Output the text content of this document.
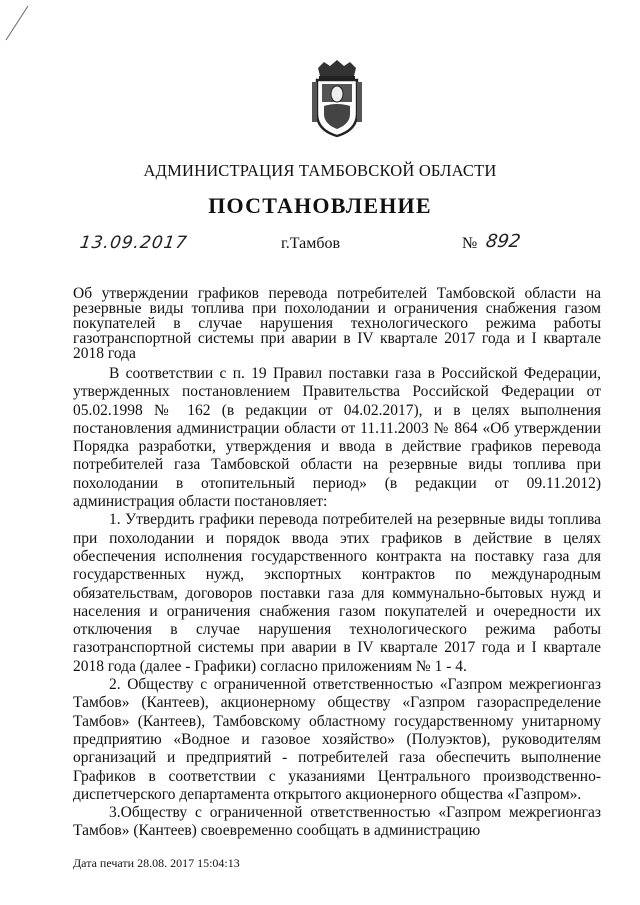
АДМИНИСТРАЦИЯ ТАМБОВСКОЙ ОБЛАСТИ
ПОСТАНОВЛЕНИЕ
13.09.2017	г.Тамбов	№ 892
Об утверждении графиков перевода потребителей Тамбовской области на резервные виды топлива при похолодании и ограничения снабжения газом покупателей в случае нарушения технологического режима работы газотранспортной системы при аварии в IV квартале 2017 года и I квартале 2018 года

В соответствии с п. 19 Правил поставки газа в Российской Федерации, утвержденных постановлением Правительства Российской Федерации от 05.02.1998 № 162 (в редакции от 04.02.2017), и в целях выполнения постановления администрации области от 11.11.2003 № 864 «Об утверждении Порядка разработки, утверждения и ввода в действие графиков перевода потребителей газа Тамбовской области на резервные виды топлива при похолодании в отопительный период» (в редакции от 09.11.2012) администрация области постановляет:

1. Утвердить графики перевода потребителей на резервные виды топлива при похолодании и порядок ввода этих графиков в действие в целях обеспечения исполнения государственного контракта на поставку газа для государственных нужд, экспортных контрактов по международным обязательствам, договоров поставки газа для коммунально-бытовых нужд и населения и ограничения снабжения газом покупателей и очередности их отключения в случае нарушения технологического режима работы газотранспортной системы при аварии в IV квартале 2017 года и I квартале 2018 года (далее - Графики) согласно приложениям № 1 - 4.

2. Обществу с ограниченной ответственностью «Газпром межрегионгаз Тамбов» (Кантеев), акционерному обществу «Газпром газораспределение Тамбов» (Кантеев), Тамбовскому областному государственному унитарному предприятию «Водное и газовое хозяйство» (Полуэктов), руководителям организаций и предприятий - потребителей газа обеспечить выполнение Графиков в соответствии с указаниями Центрального производственно-диспетчерского департамента открытого акционерного общества «Газпром».

3.Обществу с ограниченной ответственностью «Газпром межрегионгаз Тамбов» (Кантеев) своевременно сообщать в администрацию

Дата печати 28.08. 2017 15:04:13
